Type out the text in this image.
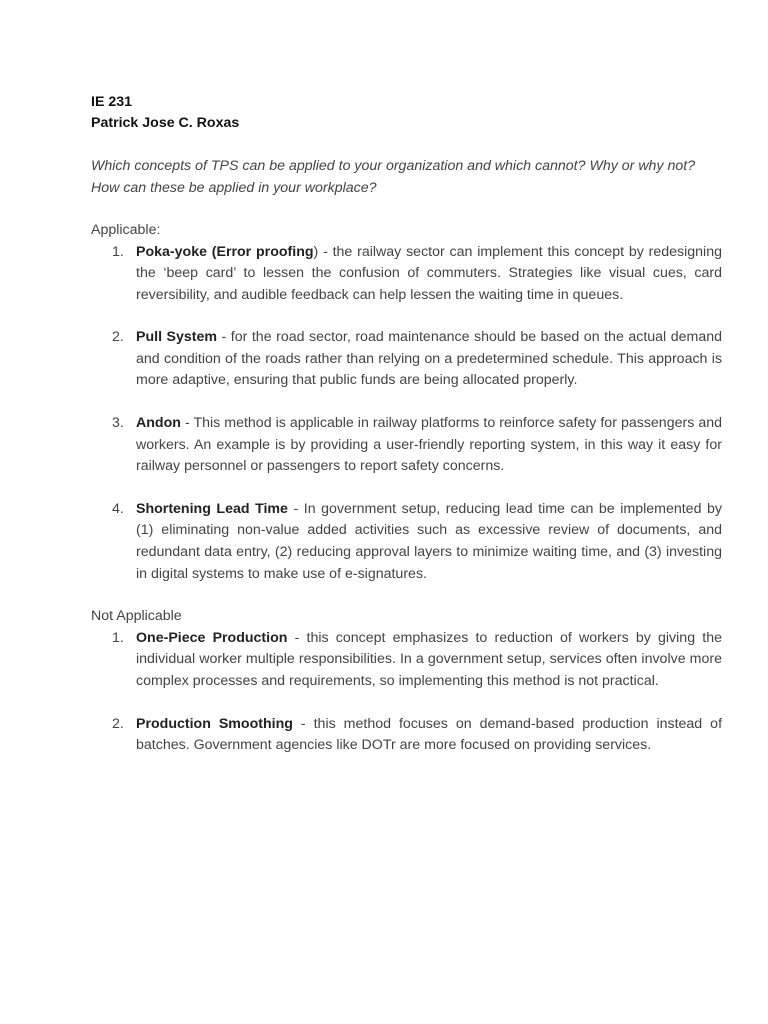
IE 231

Patrick Jose C. Roxas

Which concepts of TPS can be applied to your organization and which cannot? Why or why not?
How can these be applied in your workplace?
Applicable:
1. Poka-yoke (Error proofing) - the railway sector can implement this concept by redesigning the ‘beep card’ to lessen the confusion of commuters. Strategies like visual cues, card reversibility, and audible feedback can help lessen the waiting time in queues.
2. Pull System - for the road sector, road maintenance should be based on the actual demand and condition of the roads rather than relying on a predetermined schedule. This approach is more adaptive, ensuring that public funds are being allocated properly.
3. Andon - This method is applicable in railway platforms to reinforce safety for passengers and workers. An example is by providing a user-friendly reporting system, in this way it easy for railway personnel or passengers to report safety concerns.
4. Shortening Lead Time - In government setup, reducing lead time can be implemented by (1) eliminating non-value added activities such as excessive review of documents, and redundant data entry, (2) reducing approval layers to minimize waiting time, and (3) investing in digital systems to make use of e-signatures.
Not Applicable
1. One-Piece Production - this concept emphasizes to reduction of workers by giving the individual worker multiple responsibilities. In a government setup, services often involve more complex processes and requirements, so implementing this method is not practical.
2. Production Smoothing - this method focuses on demand-based production instead of batches. Government agencies like DOTr are more focused on providing services.
